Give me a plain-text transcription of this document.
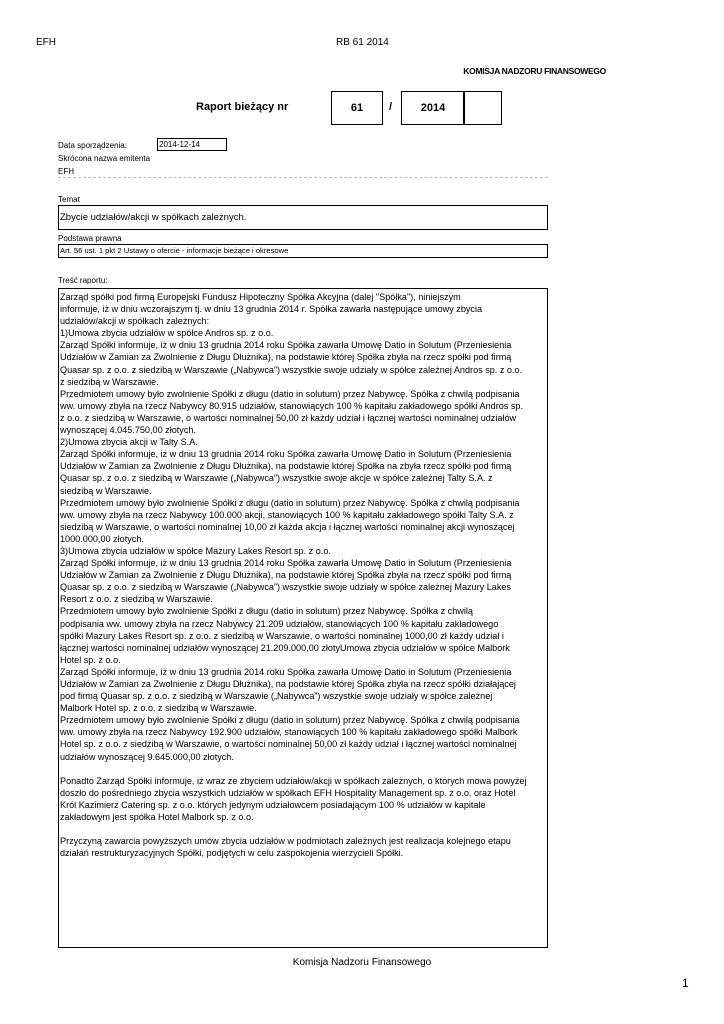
EFH	RB 61 2014
KOMISJA NADZORU FINANSOWEGO
Raport bieżący nr	61	/	2014
Data sporządzenia:	2014-12-14
Skrócona nazwa emitenta
EFH
Temat
Zbycie udziałów/akcji w spółkach zależnych.
Podstawa prawna
Art. 56 ust. 1 pkt 2 Ustawy o ofercie - informacje bieżące i okresowe
Treść raportu:

Zarząd spółki pod firmą Europejski Fundusz Hipoteczny Spółka Akcyjna (dalej "Spółka"), niniejszym
informuje, iż w dniu wczorajszym tj. w dniu 13 grudnia 2014 r. Spółka zawarła następujące umowy zbycia
udziałów/akcji w spółkach zależnych:
1)Umowa zbycia udziałów w spółce Andros sp. z o.o.
Zarząd Spółki informuje, iż w dniu 13 grudnia 2014 roku Spółka zawarła Umowę Datio in Solutum (Przeniesienia
Udziałów w Zamian za Zwolnienie z Długu Dłużnika), na podstawie której Spółka zbyła na rzecz spółki pod firmą
Quasar sp. z o.o. z siedzibą w Warszawie („Nabywca”) wszystkie swoje udziały w spółce zależnej Andros sp. z o.o.
z siedzibą w Warszawie.
Przedmiotem umowy było zwolnienie Spółki z długu (datio in solutum) przez Nabywcę. Spółka z chwilą podpisania
ww. umowy zbyła na rzecz Nabywcy 80.915 udziałów, stanowiących 100 % kapitału zakładowego spółki Andros sp.
z o.o. z siedzibą w Warszawie, o wartości nominalnej 50,00 zł każdy udział i łącznej wartości nominalnej udziałów
wynoszącej 4.045.750,00 złotych.
2)Umowa zbycia akcji w Talty S.A.
Zarząd Spółki informuje, iż w dniu 13 grudnia 2014 roku Spółka zawarła Umowę Datio in Solutum (Przeniesienia
Udziałów w Zamian za Zwolnienie z Długu Dłużnika), na podstawie której Spółka na zbyła rzecz spółki pod firmą
Quasar sp. z o.o. z siedzibą w Warszawie („Nabywca”) wszystkie swoje akcje w spółce zależnej Talty S.A. z
siedzibą w Warszawie.
Przedmiotem umowy było zwolnienie Spółki z długu (datio in solutum) przez Nabywcę. Spółka z chwilą podpisania
ww. umowy zbyła na rzecz Nabywcy 100.000 akcji, stanowiących 100 % kapitału zakładowego spółki Talty S.A. z
siedzibą w Warszawie, o wartości nominalnej 10,00 zł każda akcja i łącznej wartości nominalnej akcji wynoszącej
1000.000,00 złotych.
3)Umowa zbycia udziałów w spółce Mazury Lakes Resort sp. z o.o.
Zarząd Spółki informuje, iż w dniu 13 grudnia 2014 roku Spółka zawarła Umowę Datio in Solutum (Przeniesienia
Udziałów w Zamian za Zwolnienie z Długu Dłużnika), na podstawie której Spółka zbyła na rzecz spółki pod firmą
Quasar sp. z o.o. z siedzibą w Warszawie („Nabywca”) wszystkie swoje udziały w spółce zależnej Mazury Lakes
Resort z o.o. z siedzibą w Warszawie.
Przedmiotem umowy było zwolnienie Spółki z długu (datio in solutum) przez Nabywcę. Spółka z chwilą
podpisania ww. umowy zbyła na rzecz Nabywcy 21.209 udziałów, stanowiących 100 % kapitału zakładowego
spółki Mazury Lakes Resort sp. z o.o. z siedzibą w Warszawie, o wartości nominalnej 1000,00 zł każdy udział i
łącznej wartości nominalnej udziałów wynoszącej 21.209.000,00 złotyUmowa zbycia udziałów w spółce Malbork
Hotel sp. z o.o.
Zarząd Spółki informuje, iż w dniu 13 grudnia 2014 roku Spółka zawarła Umowę Datio in Solutum (Przeniesienia
Udziałów w Zamian za Zwolnienie z Długu Dłużnika), na podstawie której Spółka zbyła na rzecz spółki działającej
pod firmą Quasar sp. z o.o. z siedzibą w Warszawie („Nabywca”) wszystkie swoje udziały w spółce zależnej
Malbork Hotel sp. z o.o. z siedzibą w Warszawie.
Przedmiotem umowy było zwolnienie Spółki z długu (datio in solutum) przez Nabywcę. Spółka z chwilą podpisania
ww. umowy zbyła na rzecz Nabywcy 192.900 udziałów, stanowiących 100 % kapitału zakładowego spółki Malbork
Hotel sp. z o.o. z siedzibą w Warszawie, o wartości nominalnej 50,00 zł każdy udział i łącznej wartości nominalnej
udziałów wynoszącej 9.645.000,00 złotych.

Ponadto Zarząd Spółki informuje, iż wraz ze zbyciem udziałów/akcji w spółkach zależnych, o których mowa powyżej
doszło do pośredniego zbycia wszystkich udziałów w spółkach EFH Hospitality Management sp. z o.o. oraz Hotel
Król Kazimierz Catering sp. z o.o. których jedynym udziałowcem posiadającym 100 % udziałów w kapitale
zakładowym jest spółka Hotel Malbork sp. z o.o.

Przyczyną zawarcia powyższych umów zbycia udziałów w podmiotach zależnych jest realizacja kolejnego etapu
działań restrukturyzacyjnych Spółki, podjętych w celu zaspokojenia wierzycieli Spółki.

Komisja Nadzoru Finansowego
1
